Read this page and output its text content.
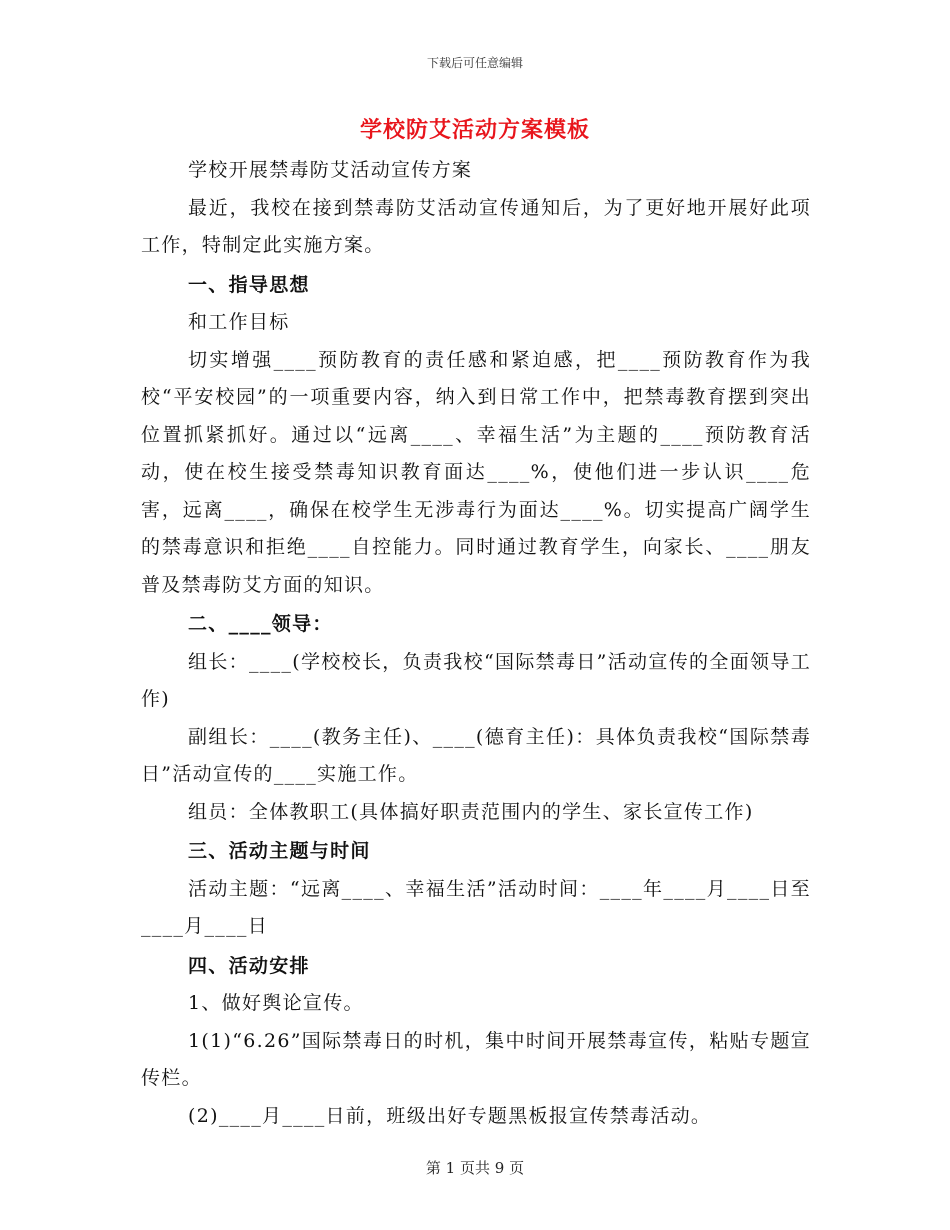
下载后可任意编辑
学校防艾活动方案模板

学校开展禁毒防艾活动宣传方案

最近，我校在接到禁毒防艾活动宣传通知后，为了更好地开展好此项工作，特制定此实施方案。

一、指导思想

和工作目标

切实增强____预防教育的责任感和紧迫感，把____预防教育作为我校“平安校园”的一项重要内容，纳入到日常工作中，把禁毒教育摆到突出位置抓紧抓好。通过以“远离____、幸福生活”为主题的____预防教育活动，使在校生接受禁毒知识教育面达____%，使他们进一步认识____危害，远离____，确保在校学生无涉毒行为面达____%。切实提高广阔学生的禁毒意识和拒绝____自控能力。同时通过教育学生，向家长、____朋友普及禁毒防艾方面的知识。

二、____领导：

组长：____(学校校长，负责我校“国际禁毒日”活动宣传的全面领导工作)

副组长：____(教务主任)、____(德育主任)：具体负责我校“国际禁毒日”活动宣传的____实施工作。

组员：全体教职工(具体搞好职责范围内的学生、家长宣传工作)

三、活动主题与时间

活动主题：“远离____、幸福生活”活动时间：____年____月____日至____月____日

四、活动安排

1、做好舆论宣传。

1(1)“6.26”国际禁毒日的时机，集中时间开展禁毒宣传，粘贴专题宣传栏。

(2)____月____日前，班级出好专题黑板报宣传禁毒活动。

第 1 页共 9 页
